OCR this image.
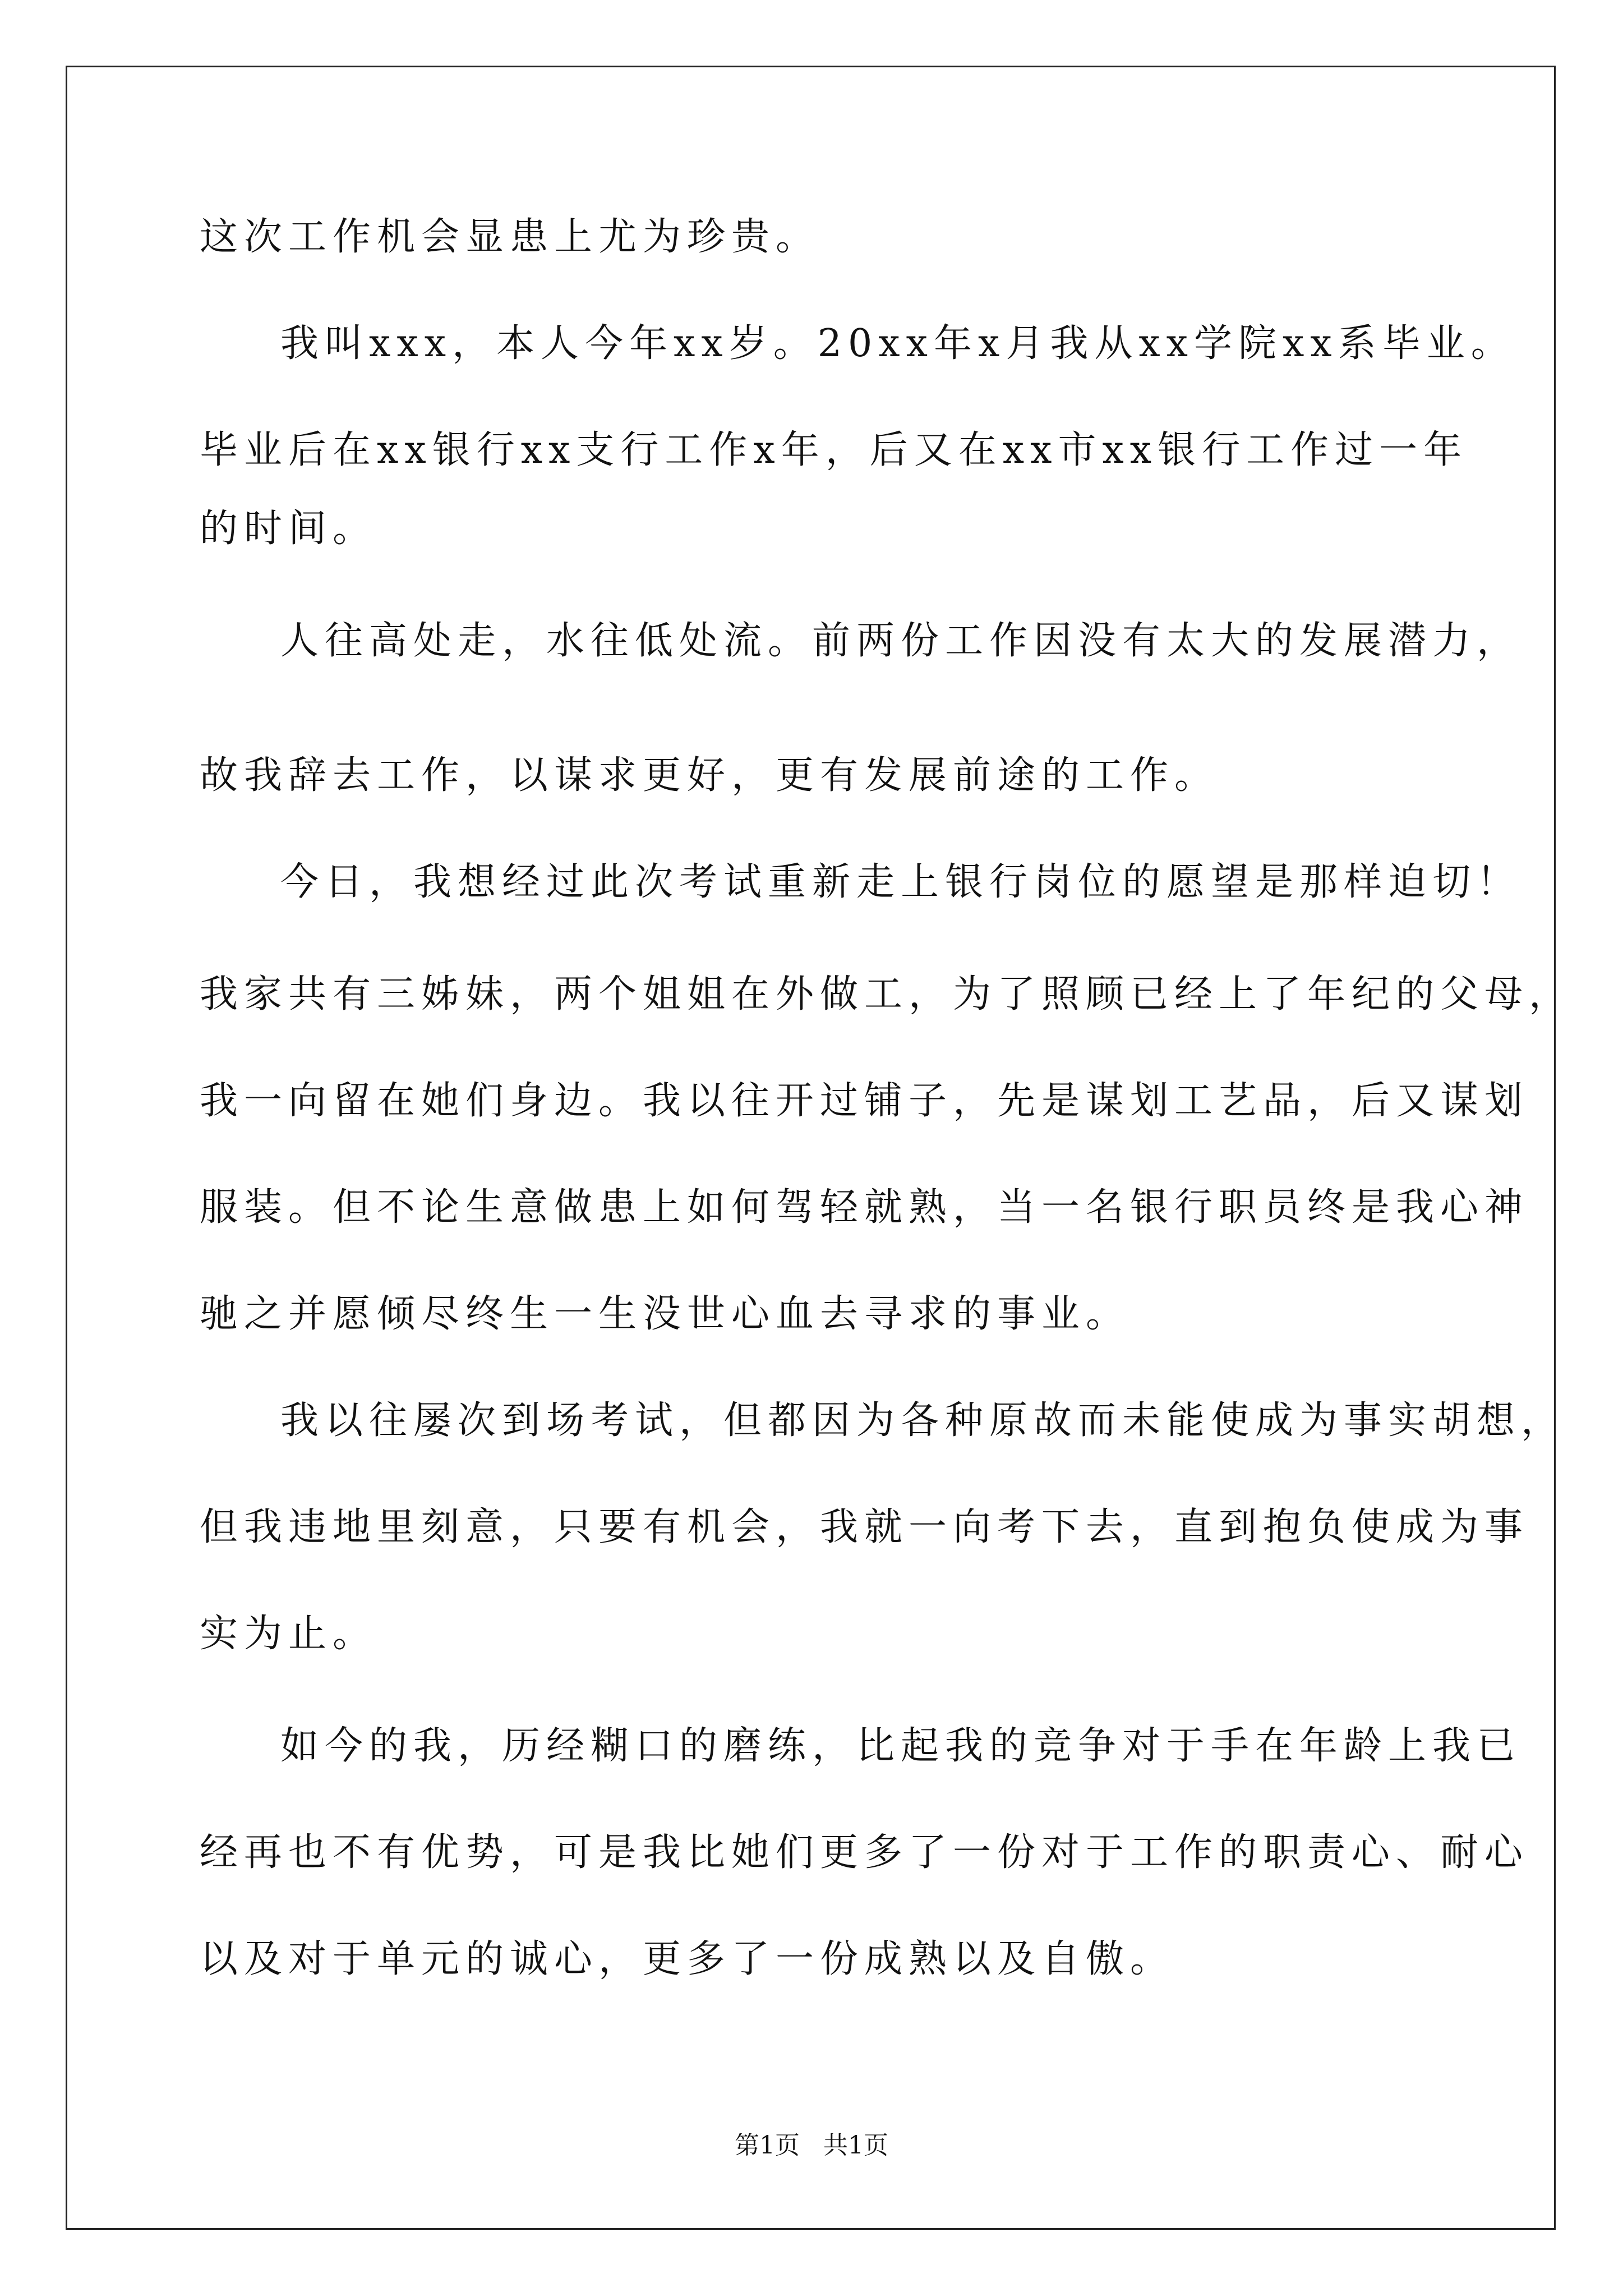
这次工作机会显患上尤为珍贵。
我叫xxx，本人今年xx岁。20xx年x月我从xx学院xx系毕业。
毕业后在xx银行xx支行工作x年，后又在xx市xx银行工作过一年
的时间。
人往高处走，水往低处流。前两份工作因没有太大的发展潜力，
故我辞去工作，以谋求更好，更有发展前途的工作。
今日，我想经过此次考试重新走上银行岗位的愿望是那样迫切！
我家共有三姊妹，两个姐姐在外做工，为了照顾已经上了年纪的父母，
我一向留在她们身边。我以往开过铺子，先是谋划工艺品，后又谋划
服装。但不论生意做患上如何驾轻就熟，当一名银行职员终是我心神
驰之并愿倾尽终生一生没世心血去寻求的事业。
我以往屡次到场考试，但都因为各种原故而未能使成为事实胡想，
但我违地里刻意，只要有机会，我就一向考下去，直到抱负使成为事
实为止。
如今的我，历经糊口的磨练，比起我的竞争对于手在年龄上我已
经再也不有优势，可是我比她们更多了一份对于工作的职责心、耐心
以及对于单元的诚心，更多了一份成熟以及自傲。
第1页   共1页
